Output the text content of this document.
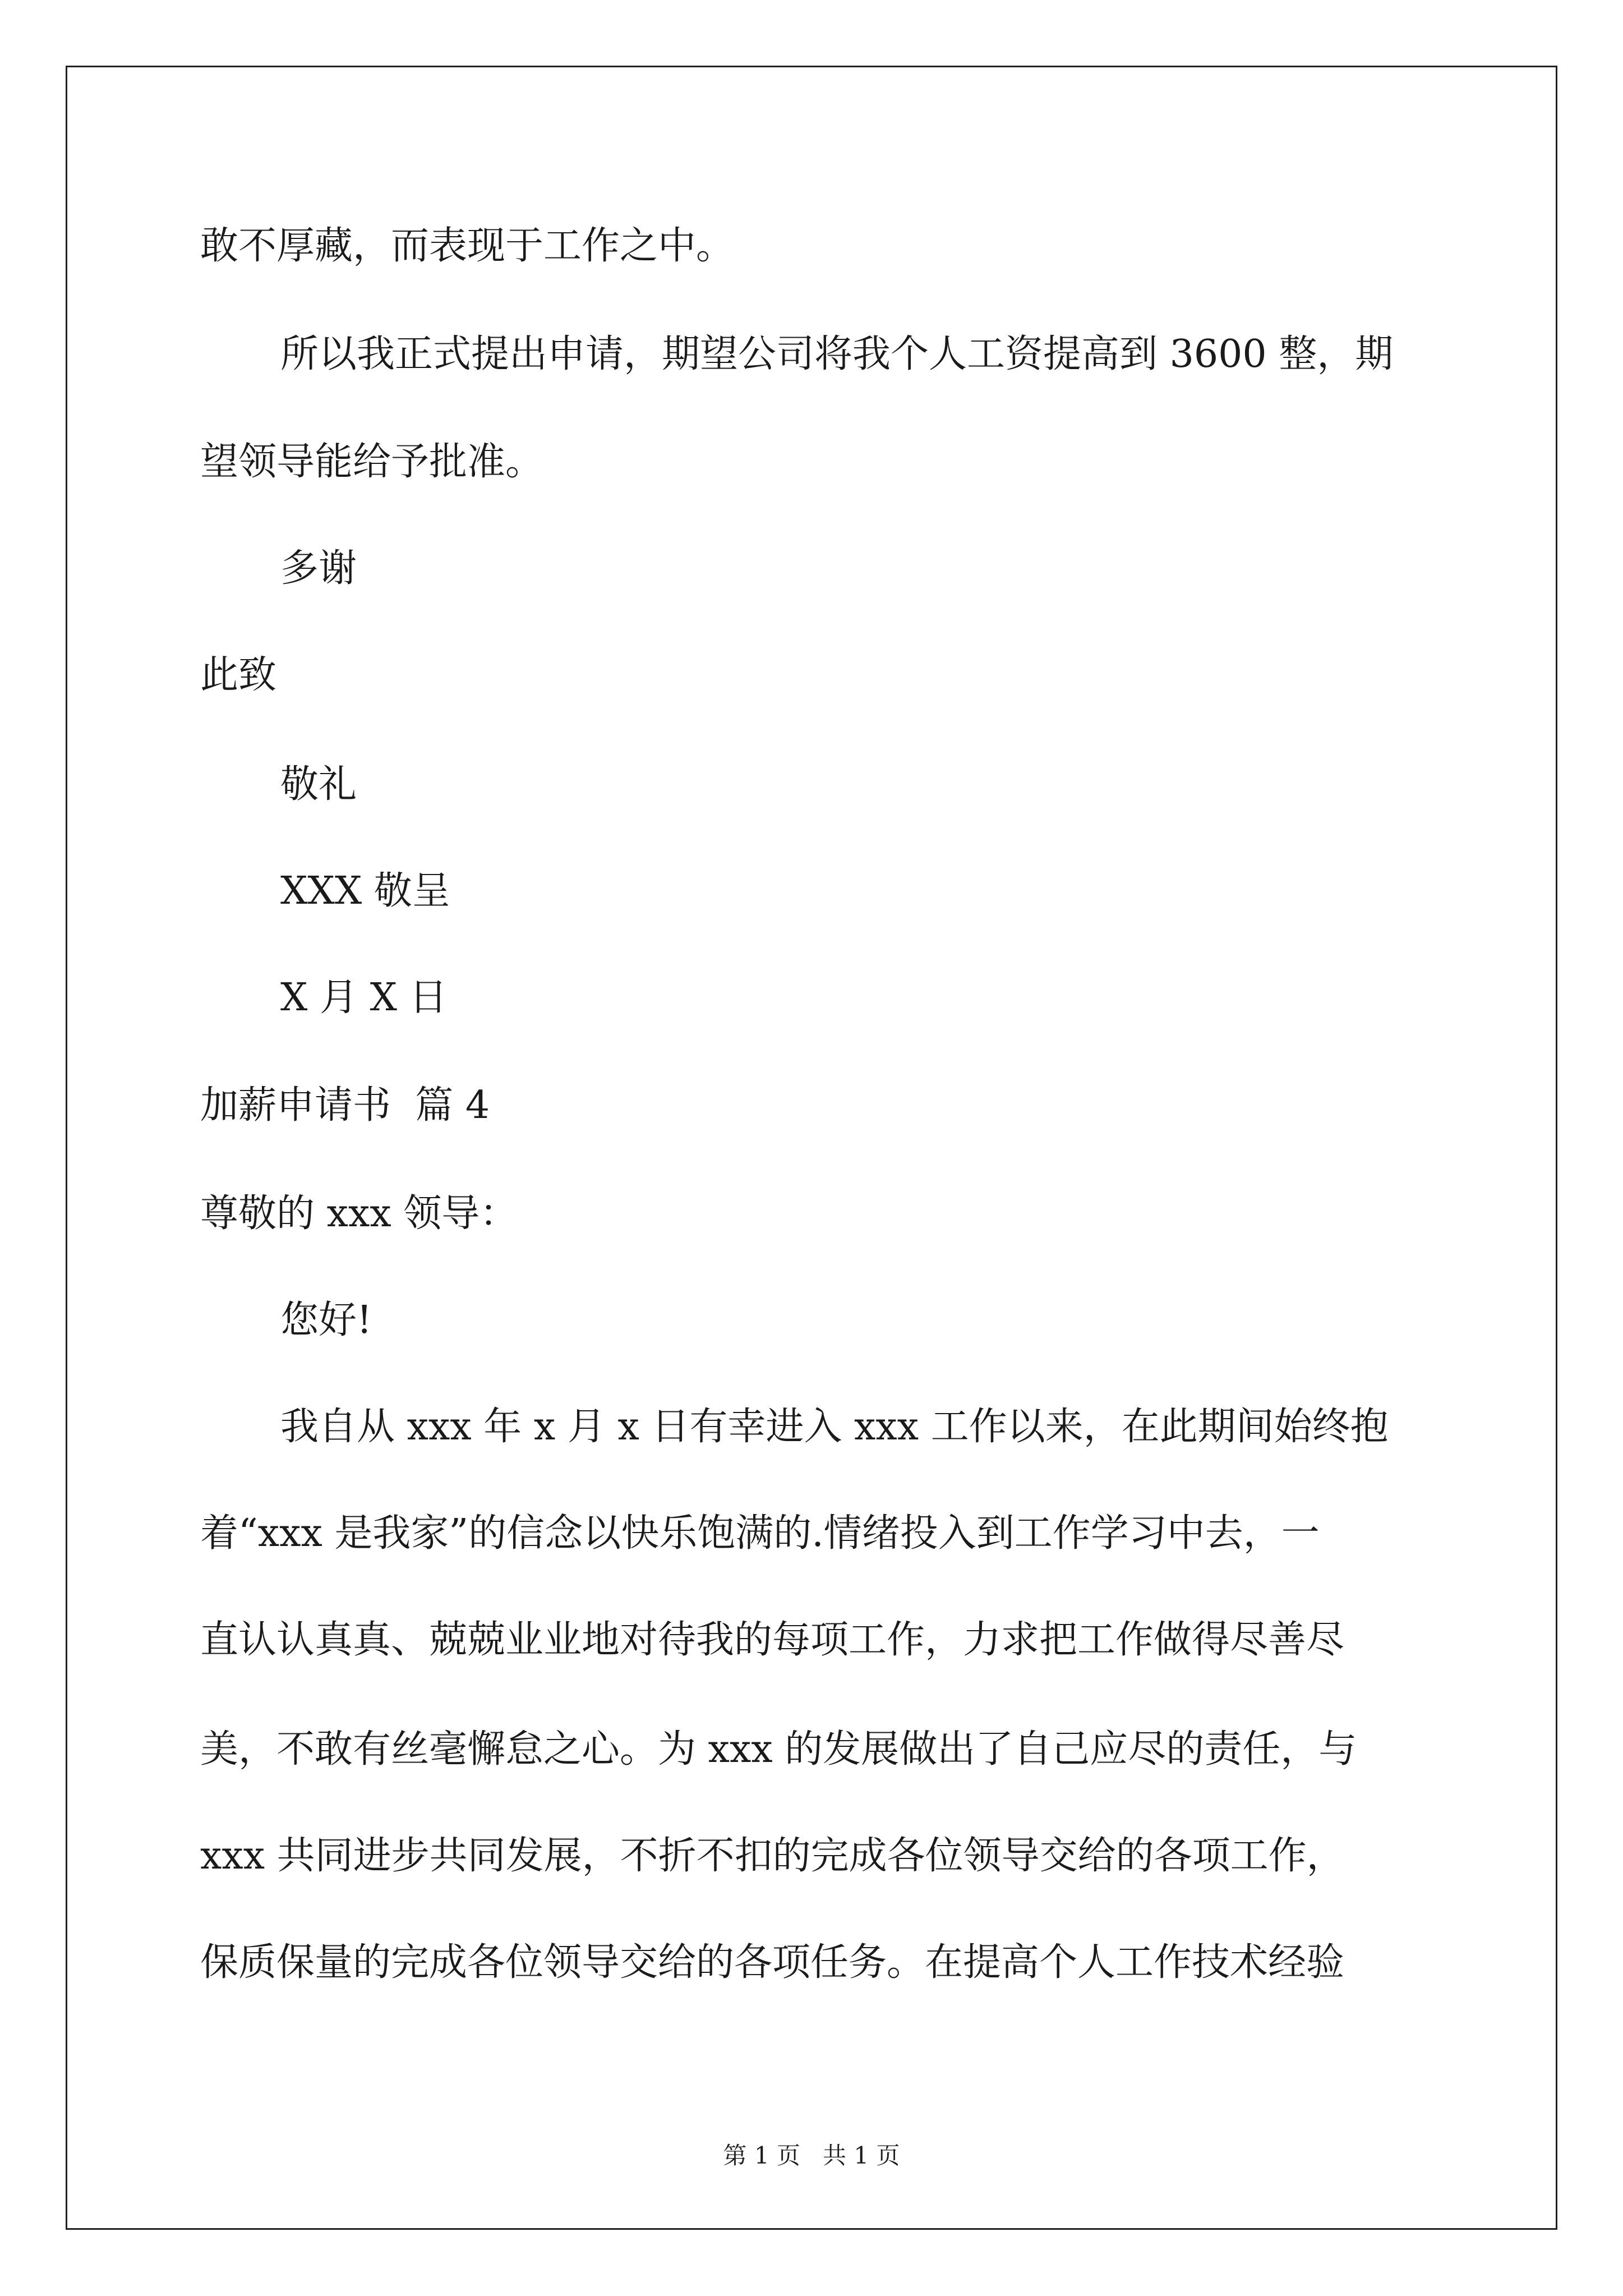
敢不厚藏，而表现于工作之中。
所以我正式提出申请，期望公司将我个人工资提高到 3600 整，期
望领导能给予批准。
多谢
此致
敬礼
XXX 敬呈
X 月 X 日
加薪申请书  篇 4
尊敬的 xxx 领导：
您好!
我自从 xxx 年 x 月 x 日有幸进入 xxx 工作以来，在此期间始终抱
着“xxx 是我家”的信念以快乐饱满的.情绪投入到工作学习中去，一
直认认真真、兢兢业业地对待我的每项工作，力求把工作做得尽善尽
美，不敢有丝毫懈怠之心。为 xxx 的发展做出了自己应尽的责任，与
xxx 共同进步共同发展，不折不扣的完成各位领导交给的各项工作，
保质保量的完成各位领导交给的各项任务。在提高个人工作技术经验
第 1 页   共 1 页
